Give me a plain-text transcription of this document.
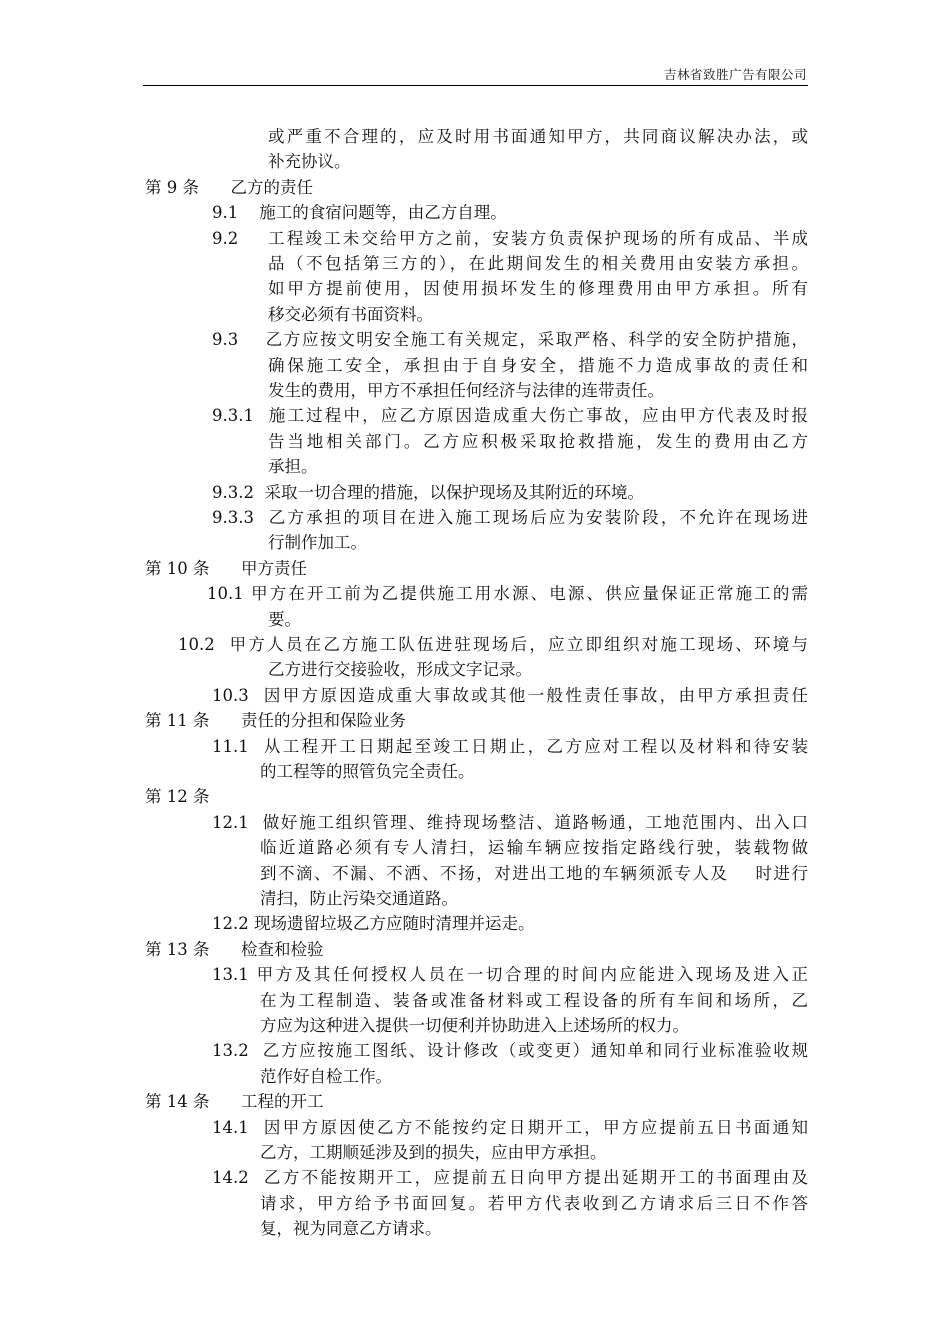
吉林省致胜广告有限公司
或严重不合理的，应及时用书面通知甲方，共同商议解决办法，或
补充协议。
第 9 条      乙方的责任
9.1    施工的食宿问题等，由乙方自理。
9.2    工程竣工未交给甲方之前，安装方负责保护现场的所有成品、半成
品（不包括第三方的），在此期间发生的相关费用由安装方承担。
如甲方提前使用，因使用损坏发生的修理费用由甲方承担。所有
移交必须有书面资料。
9.3    乙方应按文明安全施工有关规定，采取严格、科学的安全防护措施，
确保施工安全，承担由于自身安全，措施不力造成事故的责任和
发生的费用，甲方不承担任何经济与法律的连带责任。
9.3.1  施工过程中，应乙方原因造成重大伤亡事故，应由甲方代表及时报
告当地相关部门。乙方应积极采取抢救措施，发生的费用由乙方
承担。
9.3.2  采取一切合理的措施，以保护现场及其附近的环境。
9.3.3  乙方承担的项目在进入施工现场后应为安装阶段，不允许在现场进
行制作加工。
第 10 条      甲方责任
10.1 甲方在开工前为乙提供施工用水源、电源、供应量保证正常施工的需
要。
10.2  甲方人员在乙方施工队伍进驻现场后，应立即组织对施工现场、环境与
乙方进行交接验收，形成文字记录。
10.3  因甲方原因造成重大事故或其他一般性责任事故，由甲方承担责任
第 11 条      责任的分担和保险业务
11.1  从工程开工日期起至竣工日期止，乙方应对工程以及材料和待安装
的工程等的照管负完全责任。
第 12 条
12.1  做好施工组织管理、维持现场整洁、道路畅通，工地范围内、出入口
临近道路必须有专人清扫，运输车辆应按指定路线行驶，装载物做
到不滴、不漏、不洒、不扬，对进出工地的车辆须派专人及    时进行
清扫，防止污染交通道路。
12.2 现场遗留垃圾乙方应随时清理并运走。
第 13 条      检查和检验
13.1 甲方及其任何授权人员在一切合理的时间内应能进入现场及进入正
在为工程制造、装备或准备材料或工程设备的所有车间和场所，乙
方应为这种进入提供一切便利并协助进入上述场所的权力。
13.2  乙方应按施工图纸、设计修改（或变更）通知单和同行业标准验收规
范作好自检工作。
第 14 条      工程的开工
14.1  因甲方原因使乙方不能按约定日期开工，甲方应提前五日书面通知
乙方，工期顺延涉及到的损失，应由甲方承担。
14.2  乙方不能按期开工，应提前五日向甲方提出延期开工的书面理由及
请求，甲方给予书面回复。若甲方代表收到乙方请求后三日不作答
复，视为同意乙方请求。
